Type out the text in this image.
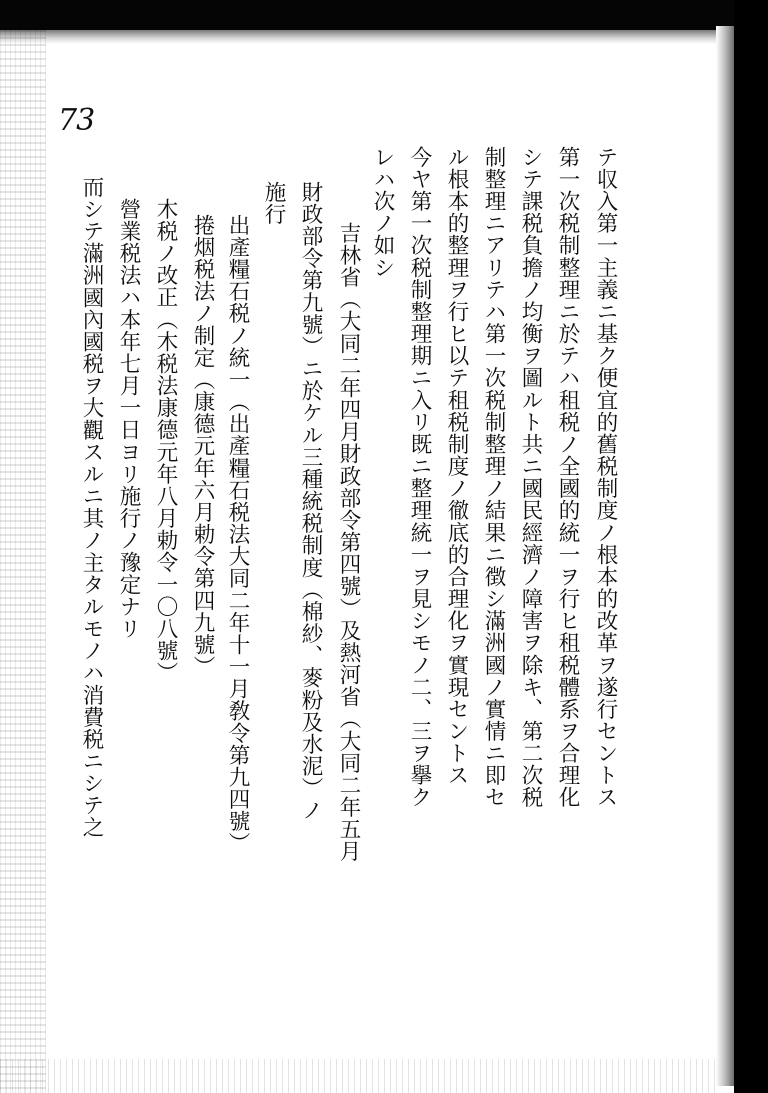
73
テ収入第一主義ニ基ク便宜的舊税制度ノ根本的改革ヲ遂行セントス
第一次税制整理ニ於テハ租税ノ全國的統一ヲ行ヒ租税體系ヲ合理化
シテ課税負擔ノ均衡ヲ圖ルト共ニ國民經濟ノ障害ヲ除キ、第二次税
制整理ニアリテハ第一次税制整理ノ結果ニ徴シ滿洲國ノ實情ニ即セ
ル根本的整理ヲ行ヒ以テ租税制度ノ徹底的合理化ヲ實現セントス
今ヤ第一次税制整理期ニ入リ既ニ整理統一ヲ見シモノ二、三ヲ擧ク
レハ次ノ如シ
財政部令第九號）ニ於ケル三種統税制度（棉紗、麥粉及水泥）ノ 吉林省（大同二年四月財政部令第四號）及熱河省（大同二年五月
施行
出產糧石税ノ統一（出產糧石税法大同二年十一月敎令第九四號）
捲烟税法ノ制定（康德元年六月勅令第四九號）
木税ノ改正（木税法康德元年八月勅令一〇八號）
營業税法ハ本年七月一日ヨリ施行ノ豫定ナリ
而シテ滿洲國內國税ヲ大觀スルニ其ノ主タルモノハ消費税ニシテ之
